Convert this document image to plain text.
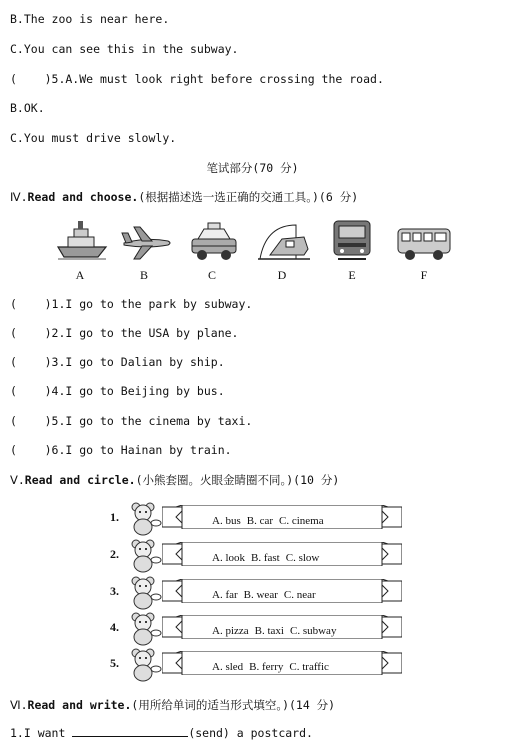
B.The zoo is near here.
C.You can see this in the subway.
(    )5.A.We must look right before crossing the road.
B.OK.
C.You must drive slowly.
笔试部分(70 分)
Ⅳ.Read and choose.(根据描述选一选正确的交通工具。)(6 分)
A	B	C	D	E	F
(    )1.I go to the park by subway.
(    )2.I go to the USA by plane.
(    )3.I go to Dalian by ship.
(    )4.I go to Beijing by bus.
(    )5.I go to the cinema by taxi.
(    )6.I go to Hainan by train.
Ⅴ.Read and circle.(小熊套圈。火眼金睛圈不同。)(10 分)
1.	A. bus B. car C. cinema
2.	A. look B. fast C. slow
3.	A. far B. wear C. near
4.	A. pizza B. taxi C. subway
5.	A. sled B. ferry C. traffic
Ⅵ.Read and write.(用所给单词的适当形式填空。)(14 分)
1.I want	(send) a postcard.
